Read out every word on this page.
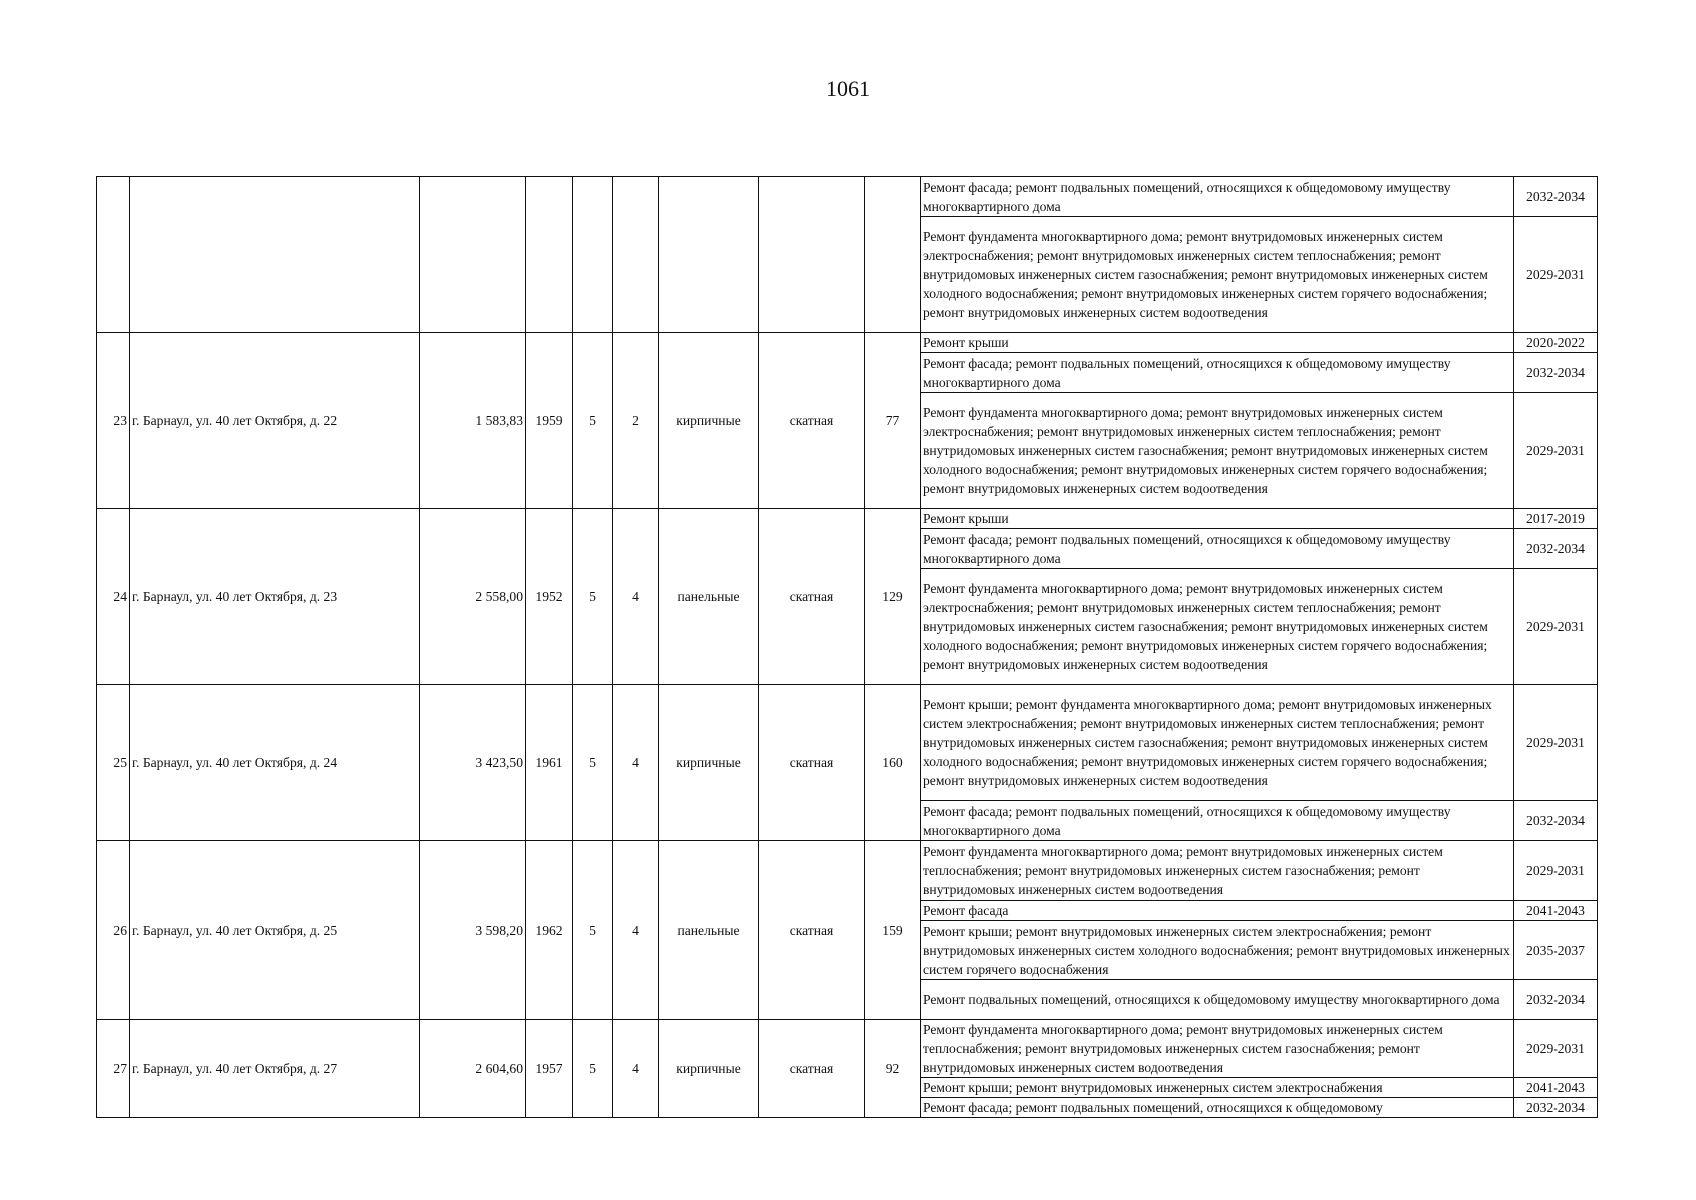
1061
									Ремонт фасада; ремонт подвальных помещений, относящихся к общедомовому имуществу многоквартирного дома	2032-2034
									Ремонт фундамента многоквартирного дома; ремонт внутридомовых инженерных систем электроснабжения; ремонт внутридомовых инженерных систем теплоснабжения; ремонт внутридомовых инженерных систем газоснабжения; ремонт внутридомовых инженерных систем холодного водоснабжения; ремонт внутридомовых инженерных систем горячего водоснабжения; ремонт внутридомовых инженерных систем водоотведения	2029-2031
23	г. Барнаул, ул. 40 лет Октября, д. 22	1 583,83	1959	5	2	кирпичные	скатная	77	Ремонт крыши	2020-2022
									Ремонт фасада; ремонт подвальных помещений, относящихся к общедомовому имуществу многоквартирного дома	2032-2034
									Ремонт фундамента многоквартирного дома; ремонт внутридомовых инженерных систем электроснабжения; ремонт внутридомовых инженерных систем теплоснабжения; ремонт внутридомовых инженерных систем газоснабжения; ремонт внутридомовых инженерных систем холодного водоснабжения; ремонт внутридомовых инженерных систем горячего водоснабжения; ремонт внутридомовых инженерных систем водоотведения	2029-2031
24	г. Барнаул, ул. 40 лет Октября, д. 23	2 558,00	1952	5	4	панельные	скатная	129	Ремонт крыши	2017-2019
									Ремонт фасада; ремонт подвальных помещений, относящихся к общедомовому имуществу многоквартирного дома	2032-2034
									Ремонт фундамента многоквартирного дома; ремонт внутридомовых инженерных систем электроснабжения; ремонт внутридомовых инженерных систем теплоснабжения; ремонт внутридомовых инженерных систем газоснабжения; ремонт внутридомовых инженерных систем холодного водоснабжения; ремонт внутридомовых инженерных систем горячего водоснабжения; ремонт внутридомовых инженерных систем водоотведения	2029-2031
25	г. Барнаул, ул. 40 лет Октября, д. 24	3 423,50	1961	5	4	кирпичные	скатная	160	Ремонт крыши; ремонт фундамента многоквартирного дома; ремонт внутридомовых инженерных систем электроснабжения; ремонт внутридомовых инженерных систем теплоснабжения; ремонт внутридомовых инженерных систем газоснабжения; ремонт внутридомовых инженерных систем холодного водоснабжения; ремонт внутридомовых инженерных систем горячего водоснабжения; ремонт внутридомовых инженерных систем водоотведения	2029-2031
									Ремонт фасада; ремонт подвальных помещений, относящихся к общедомовому имуществу многоквартирного дома	2032-2034
26	г. Барнаул, ул. 40 лет Октября, д. 25	3 598,20	1962	5	4	панельные	скатная	159	Ремонт фундамента многоквартирного дома; ремонт внутридомовых инженерных систем теплоснабжения; ремонт внутридомовых инженерных систем газоснабжения; ремонт внутридомовых инженерных систем водоотведения	2029-2031
									Ремонт фасада	2041-2043
									Ремонт крыши; ремонт внутридомовых инженерных систем электроснабжения; ремонт внутридомовых инженерных систем холодного водоснабжения; ремонт внутридомовых инженерных систем горячего водоснабжения	2035-2037
									Ремонт подвальных помещений, относящихся к общедомовому имуществу многоквартирного дома	2032-2034
27	г. Барнаул, ул. 40 лет Октября, д. 27	2 604,60	1957	5	4	кирпичные	скатная	92	Ремонт фундамента многоквартирного дома; ремонт внутридомовых инженерных систем теплоснабжения; ремонт внутридомовых инженерных систем газоснабжения; ремонт внутридомовых инженерных систем водоотведения	2029-2031
									Ремонт крыши; ремонт внутридомовых инженерных систем электроснабжения	2041-2043
									Ремонт фасада; ремонт подвальных помещений, относящихся к общедомовому	2032-2034
